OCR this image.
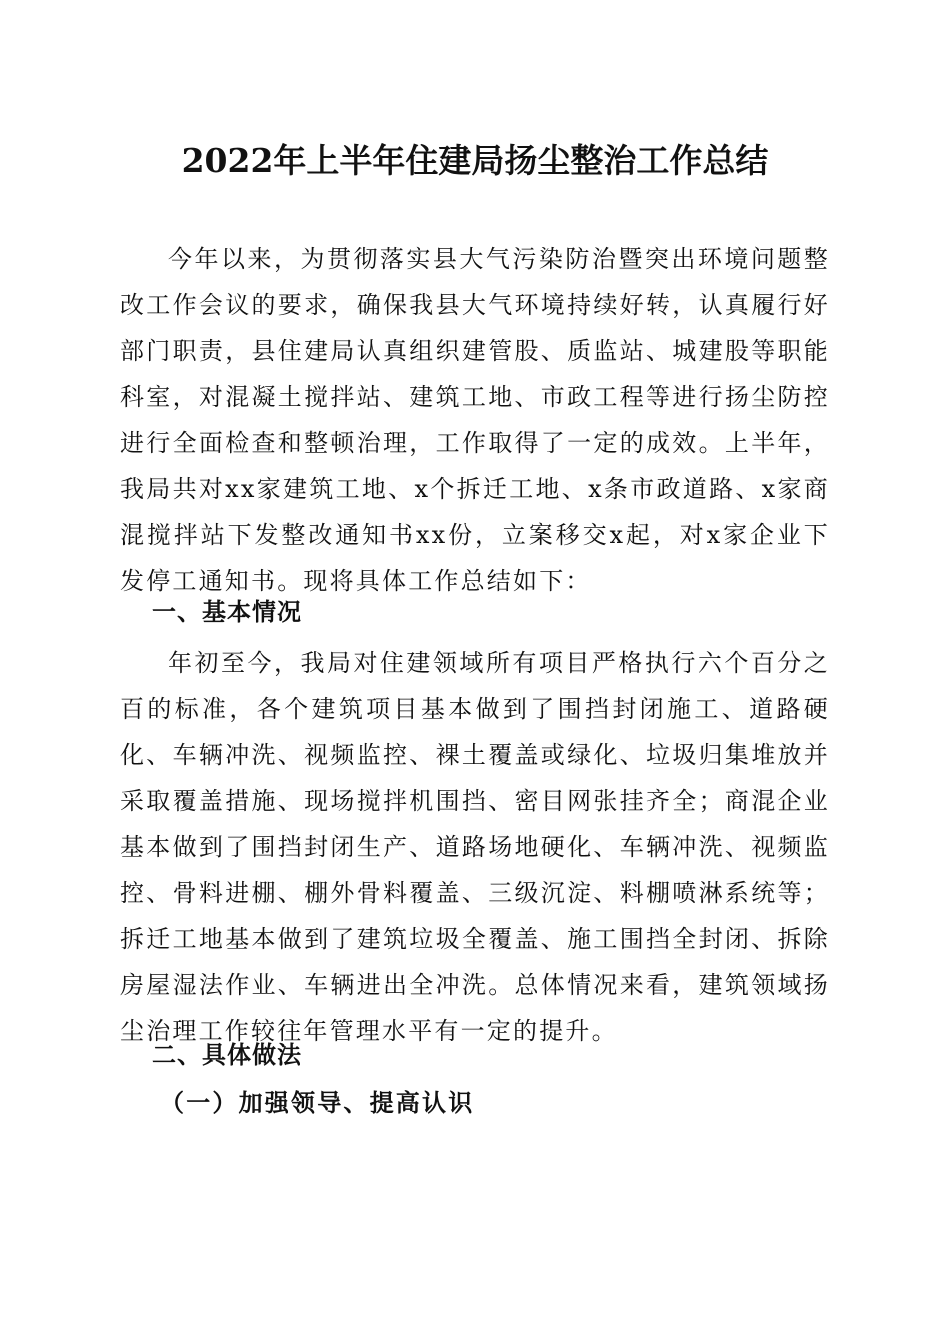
2022年上半年住建局扬尘整治工作总结

今年以来，为贯彻落实县大气污染防治暨突出环境问题整改工作会议的要求，确保我县大气环境持续好转，认真履行好部门职责，县住建局认真组织建管股、质监站、城建股等职能科室，对混凝土搅拌站、建筑工地、市政工程等进行扬尘防控进行全面检查和整顿治理，工作取得了一定的成效。上半年，我局共对xx家建筑工地、x个拆迁工地、x条市政道路、x家商混搅拌站下发整改通知书xx份，立案移交x起，对x家企业下发停工通知书。现将具体工作总结如下：

一、基本情况

年初至今，我局对住建领域所有项目严格执行六个百分之百的标准，各个建筑项目基本做到了围挡封闭施工、道路硬化、车辆冲洗、视频监控、裸土覆盖或绿化、垃圾归集堆放并采取覆盖措施、现场搅拌机围挡、密目网张挂齐全；商混企业基本做到了围挡封闭生产、道路场地硬化、车辆冲洗、视频监控、骨料进棚、棚外骨料覆盖、三级沉淀、料棚喷淋系统等；拆迁工地基本做到了建筑垃圾全覆盖、施工围挡全封闭、拆除房屋湿法作业、车辆进出全冲洗。总体情况来看，建筑领域扬尘治理工作较往年管理水平有一定的提升。

二、具体做法
（一）加强领导、提高认识
